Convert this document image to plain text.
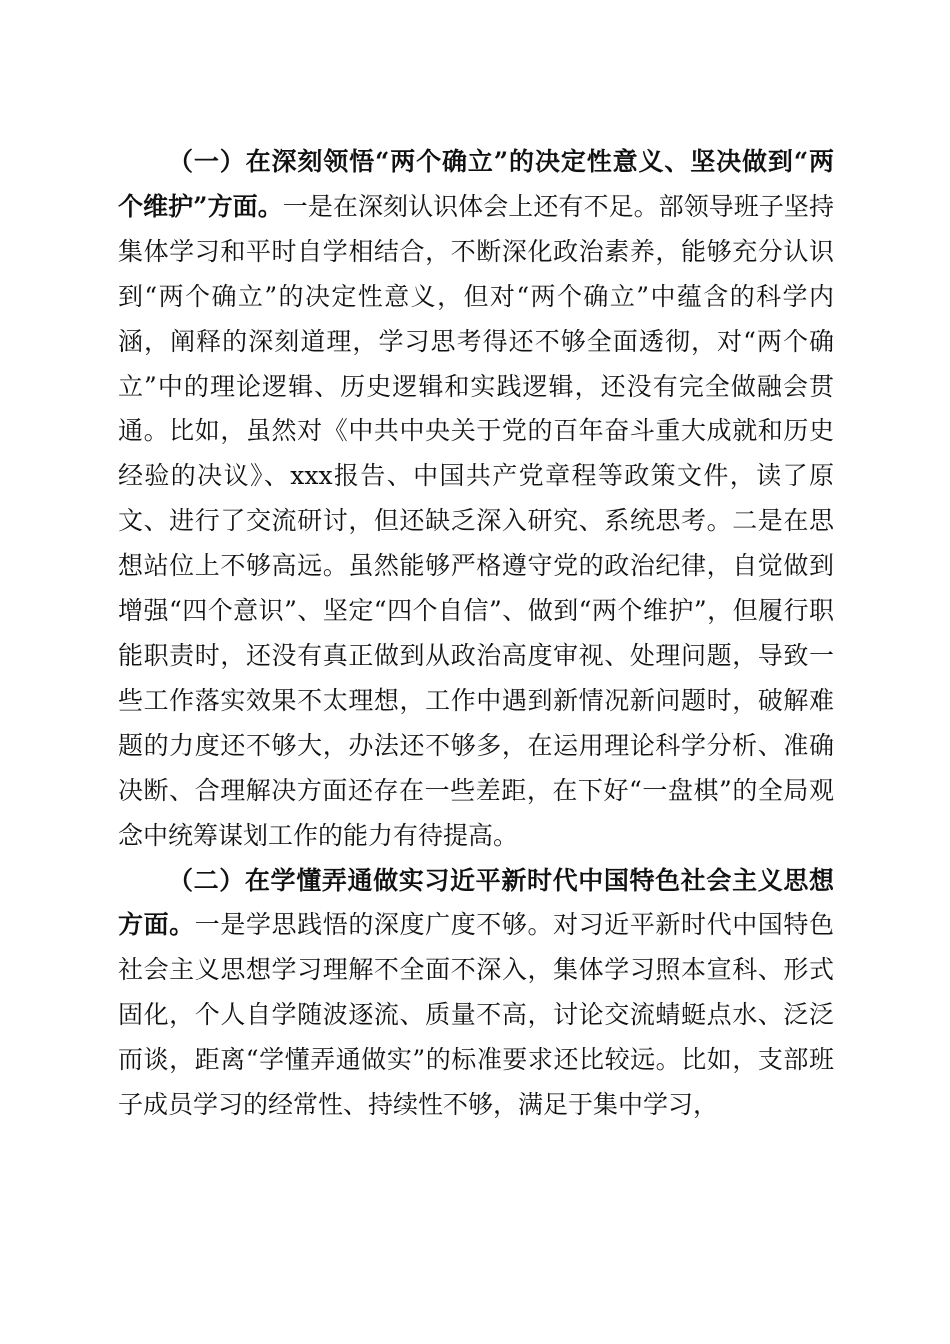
（一）在深刻领悟“两个确立”的决定性意义、坚决做到“两个维护”方面。一是在深刻认识体会上还有不足。部领导班子坚持集体学习和平时自学相结合，不断深化政治素养，能够充分认识到“两个确立”的决定性意义，但对“两个确立”中蕴含的科学内涵，阐释的深刻道理，学习思考得还不够全面透彻，对“两个确立”中的理论逻辑、历史逻辑和实践逻辑，还没有完全做融会贯通。比如，虽然对《中共中央关于党的百年奋斗重大成就和历史经验的决议》、xxx报告、中国共产党章程等政策文件，读了原文、进行了交流研讨，但还缺乏深入研究、系统思考。二是在思想站位上不够高远。虽然能够严格遵守党的政治纪律，自觉做到增强“四个意识”、坚定“四个自信”、做到“两个维护”，但履行职能职责时，还没有真正做到从政治高度审视、处理问题，导致一些工作落实效果不太理想，工作中遇到新情况新问题时，破解难题的力度还不够大，办法还不够多，在运用理论科学分析、准确决断、合理解决方面还存在一些差距，在下好“一盘棋”的全局观念中统筹谋划工作的能力有待提高。

（二）在学懂弄通做实习近平新时代中国特色社会主义思想方面。一是学思践悟的深度广度不够。对习近平新时代中国特色社会主义思想学习理解不全面不深入，集体学习照本宣科、形式固化，个人自学随波逐流、质量不高，讨论交流蜻蜓点水、泛泛而谈，距离“学懂弄通做实”的标准要求还比较远。比如，支部班子成员学习的经常性、持续性不够，满足于集中学习，
